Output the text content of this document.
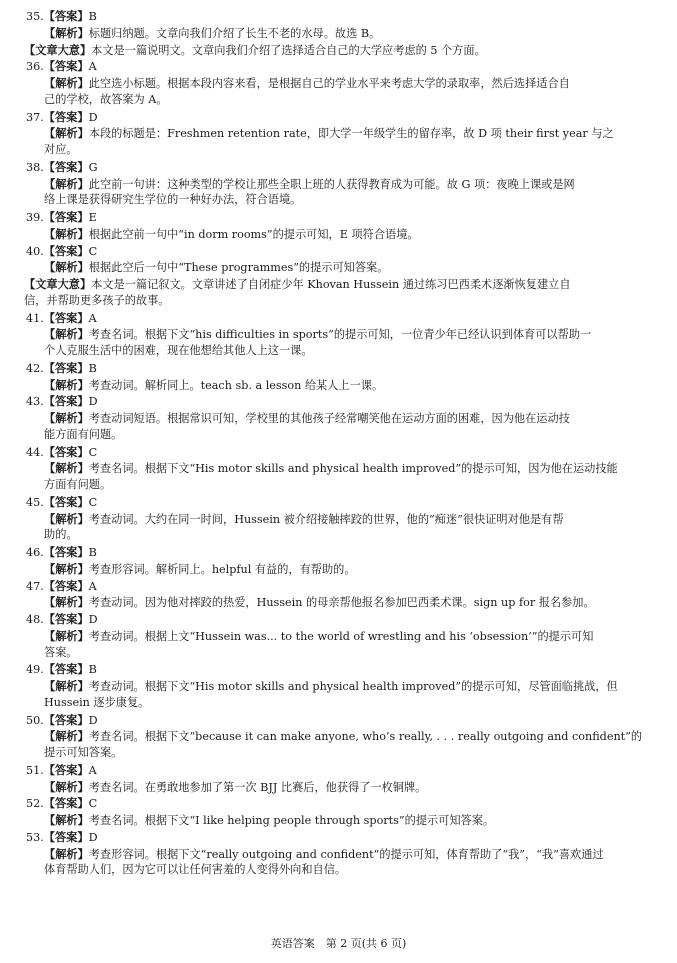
35.【答案】B
【解析】标题归纳题。文章向我们介绍了长生不老的水母。故选 B。
【文章大意】本文是一篇说明文。文章向我们介绍了选择适合自己的大学应考虑的 5 个方面。
36.【答案】A
【解析】此空选小标题。根据本段内容来看，是根据自己的学业水平来考虑大学的录取率，然后选择适合自
己的学校，故答案为 A。
37.【答案】D
【解析】本段的标题是：Freshmen retention rate，即大学一年级学生的留存率，故 D 项 their first year 与之
对应。
38.【答案】G
【解析】此空前一句讲：这种类型的学校让那些全职上班的人获得教育成为可能。故 G 项：夜晚上课或是网
络上课是获得研究生学位的一种好办法，符合语境。
39.【答案】E
【解析】根据此空前一句中“in dorm rooms”的提示可知，E 项符合语境。
40.【答案】C
【解析】根据此空后一句中“These programmes”的提示可知答案。
【文章大意】本文是一篇记叙文。文章讲述了自闭症少年 Khovan Hussein 通过练习巴西柔术逐渐恢复建立自
信，并帮助更多孩子的故事。
41.【答案】A
【解析】考查名词。根据下文“his difficulties in sports”的提示可知，一位青少年已经认识到体育可以帮助一
个人克服生活中的困难，现在他想给其他人上这一课。
42.【答案】B
【解析】考查动词。解析同上。teach sb. a lesson 给某人上一课。
43.【答案】D
【解析】考查动词短语。根据常识可知，学校里的其他孩子经常嘲笑他在运动方面的困难，因为他在运动技
能方面有问题。
44.【答案】C
【解析】考查名词。根据下文“His motor skills and physical health improved”的提示可知，因为他在运动技能
方面有问题。
45.【答案】C
【解析】考查动词。大约在同一时间，Hussein 被介绍接触摔跤的世界，他的“痴迷”很快证明对他是有帮
助的。
46.【答案】B
【解析】考查形容词。解析同上。helpful 有益的，有帮助的。
47.【答案】A
【解析】考查动词。因为他对摔跤的热爱，Hussein 的母亲帮他报名参加巴西柔术课。sign up for 报名参加。
48.【答案】D
【解析】考查动词。根据上文“Hussein was... to the world of wrestling and his ‘obsession’”的提示可知
答案。
49.【答案】B
【解析】考查动词。根据下文“His motor skills and physical health improved”的提示可知，尽管面临挑战，但
Hussein 逐步康复。
50.【答案】D
【解析】考查名词。根据下文“because it can make anyone, who’s really, . . . really outgoing and confident”的
提示可知答案。
51.【答案】A
【解析】考查名词。在勇敢地参加了第一次 BJJ 比赛后，他获得了一枚铜牌。
52.【答案】C
【解析】考查名词。根据下文“I like helping people through sports”的提示可知答案。
53.【答案】D
【解析】考查形容词。根据下文“really outgoing and confident”的提示可知，体育帮助了“我”，“我”喜欢通过
体育帮助人们，因为它可以让任何害羞的人变得外向和自信。
英语答案　第 2 页(共 6 页)
